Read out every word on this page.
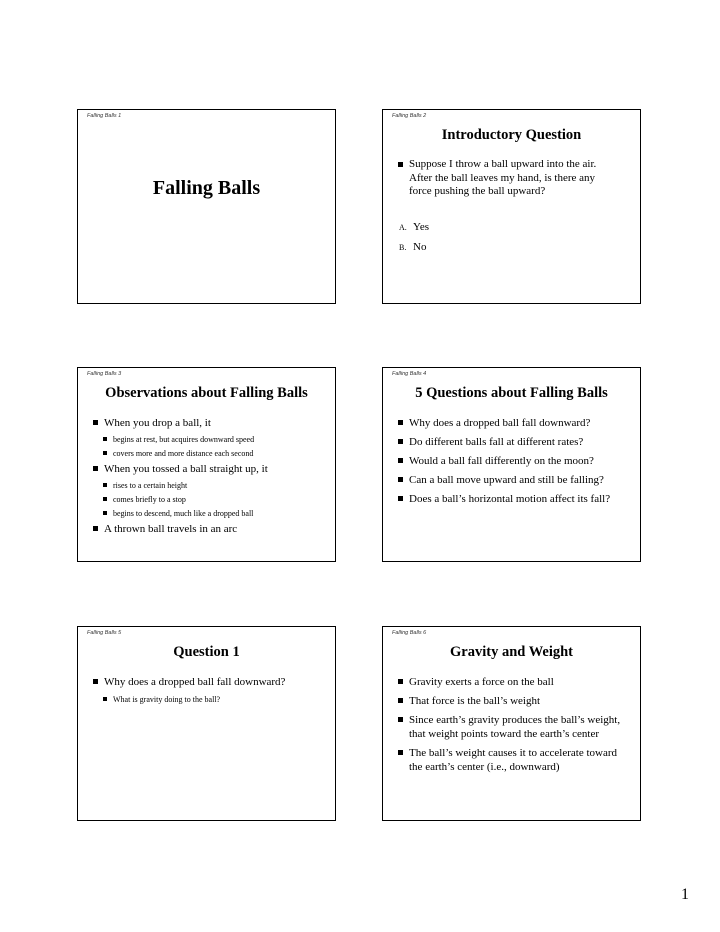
Falling Balls 1
Falling Balls
Falling Balls 2
Introductory Question
Suppose I throw a ball upward into the air. After the ball leaves my hand, is there any force pushing the ball upward?
A. Yes
B. No
Falling Balls 3
Observations about Falling Balls
When you drop a ball, it
begins at rest, but acquires downward speed
covers more and more distance each second
When you tossed a ball straight up, it
rises to a certain height
comes briefly to a stop
begins to descend, much like a dropped ball
A thrown ball travels in an arc
Falling Balls 4
5 Questions about Falling Balls
Why does a dropped ball fall downward?
Do different balls fall at different rates?
Would a ball fall differently on the moon?
Can a ball move upward and still be falling?
Does a ball’s horizontal motion affect its fall?
Falling Balls 5
Question 1
Why does a dropped ball fall downward?
What is gravity doing to the ball?
Falling Balls 6
Gravity and Weight
Gravity exerts a force on the ball
That force is the ball’s weight
Since earth’s gravity produces the ball’s weight, that weight points toward the earth’s center
The ball’s weight causes it to accelerate toward the earth’s center (i.e., downward)
1
